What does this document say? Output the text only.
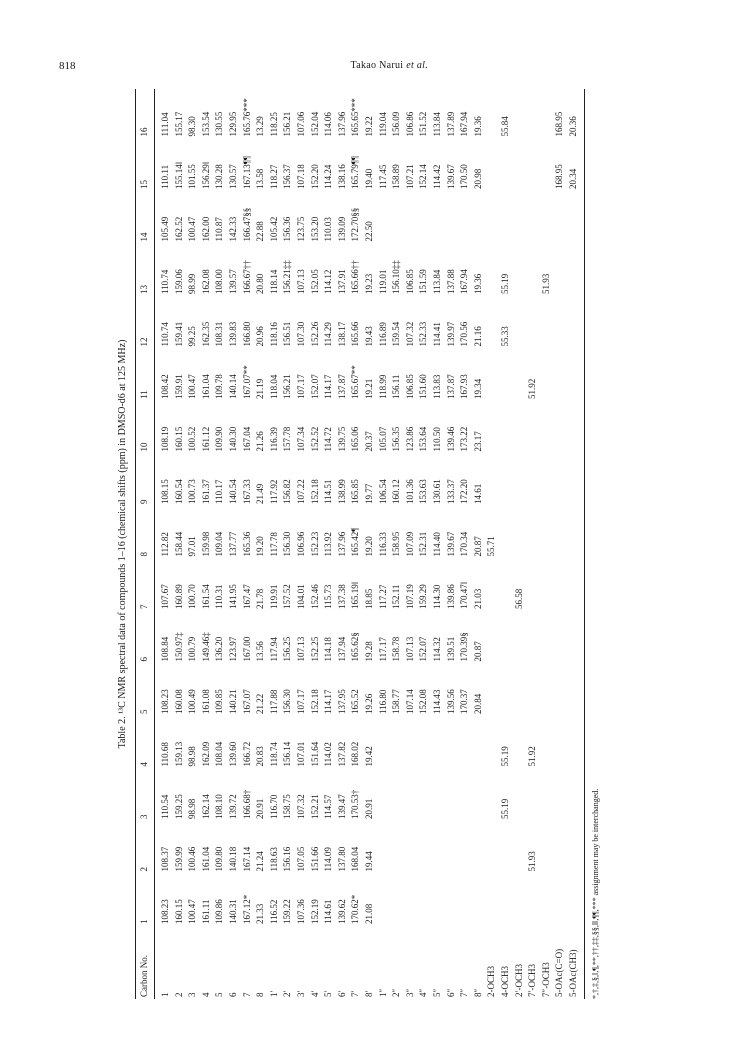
818	Takao Narui et al.
Table 2. ¹³C NMR spectral data of compounds 1–16 (chemical shifts (ppm) in DMSO-d6 at 125 MHz)
Carbon No.
1
2
3
4
5
6
7
8
9
10
11
12
13
14
15
16
1
108.23
108.37
110.54
110.68
108.23
108.84
107.67
112.82
108.15
108.19
108.42
110.74
110.74
105.49
110.11
111.04
2
160.15
159.99
159.25
159.13
160.08
150.97‡
160.89
158.44
160.54
160.15
159.91
159.41
159.06
162.52
155.14‖
155.17
3
100.47
100.46
98.98
98.98
100.49
100.79
100.70
97.01
100.73
100.52
100.47
99.25
98.99
100.47
101.55
98.30
4
161.11
161.04
162.14
162.09
161.08
149.46‡
161.54
159.98
161.37
161.12
161.04
162.35
162.08
162.00
156.29‖
153.54
5
109.86
109.80
108.10
108.04
109.85
136.20
110.31
109.04
110.17
109.90
109.78
108.31
108.00
110.87
130.28
130.55
6
140.31
140.18
139.72
139.60
140.21
123.97
141.95
137.77
140.54
140.30
140.14
139.83
139.57
142.33
130.57
129.95
7
167.12*
167.14
166.68†
166.72
167.07
167.00
167.47
165.36
167.33
167.04
167.07**
166.80
166.67††
166.47§§
167.13¶¶
165.76***
8
21.33
21.24
20.91
20.83
21.22
13.56
21.78
19.20
21.49
21.26
21.19
20.96
20.80
22.88
13.58
13.29
1′
116.52
118.63
116.70
118.74
117.88
117.94
119.91
117.78
117.92
116.39
118.04
118.16
118.14
105.42
118.27
118.25
2′
159.22
156.16
158.75
156.14
156.30
156.25
157.52
156.30
156.82
157.78
156.21
156.51
156.21‡‡
156.36
156.37
156.21
3′
107.36
107.05
107.32
107.01
107.17
107.13
104.01
106.96
107.22
107.34
107.17
107.30
107.13
123.75
107.18
107.06
4′
152.19
151.66
152.21
151.64
152.18
152.25
152.46
152.23
152.18
152.52
152.07
152.26
152.05
153.20
152.20
152.04
5′
114.61
114.09
114.57
114.02
114.17
114.18
115.73
113.92
114.51
114.72
114.17
114.29
114.12
110.03
114.24
114.06
6′
139.62
137.80
139.47
137.82
137.95
137.94
137.38
137.96
138.99
139.75
137.87
138.17
137.91
139.09
138.16
137.96
7′
170.62*
168.04
170.53†
168.02
165.52
165.62§
165.19‖
165.42¶
165.85
165.06
165.67**
165.66
165.66††
172.70§§
165.79¶¶
165.65***
8′
21.08
19.44
20.91
19.42
19.26
19.28
18.85
19.20
19.77
20.37
19.21
19.43
19.23
22.50
19.40
19.22
1″
116.80
117.17
117.27
116.33
106.54
105.07
118.99
116.89
119.01
117.45
119.04
2″
158.77
158.78
152.11
158.95
160.12
156.35
156.11
159.54
156.10‡‡
158.89
156.09
3″
107.14
107.13
107.19
107.09
101.36
123.86
106.85
107.32
106.85
107.21
106.86
4″
152.08
152.07
159.29
152.31
153.63
153.64
151.60
152.33
151.59
152.14
151.52
5″
114.43
114.32
114.30
114.40
130.61
110.50
113.83
114.41
113.84
114.42
113.84
6″
139.56
139.51
139.86
139.67
133.37
139.46
137.87
139.97
137.88
139.67
137.89
7″
170.37
170.39§
170.47‖
170.34
172.20
173.22
167.93
170.56
167.94
170.50
167.94
8″
20.84
20.87
21.03
20.87
14.61
23.17
19.34
21.16
19.36
20.98
19.36
2-OCH3
55.71
4-OCH3
55.19
55.19
55.33
55.19
55.84
2′-OCH3
56.58
7′-OCH3
51.93
51.92
51.92
7″-OCH3
51.93
5-OAc(C=O)
168.95
168.95
5-OAc(CH3)
20.34
20.36
*,†,‡,§,‖,¶,**,††,‡‡,§§,‖‖,¶¶,*** assignment may be interchanged.
